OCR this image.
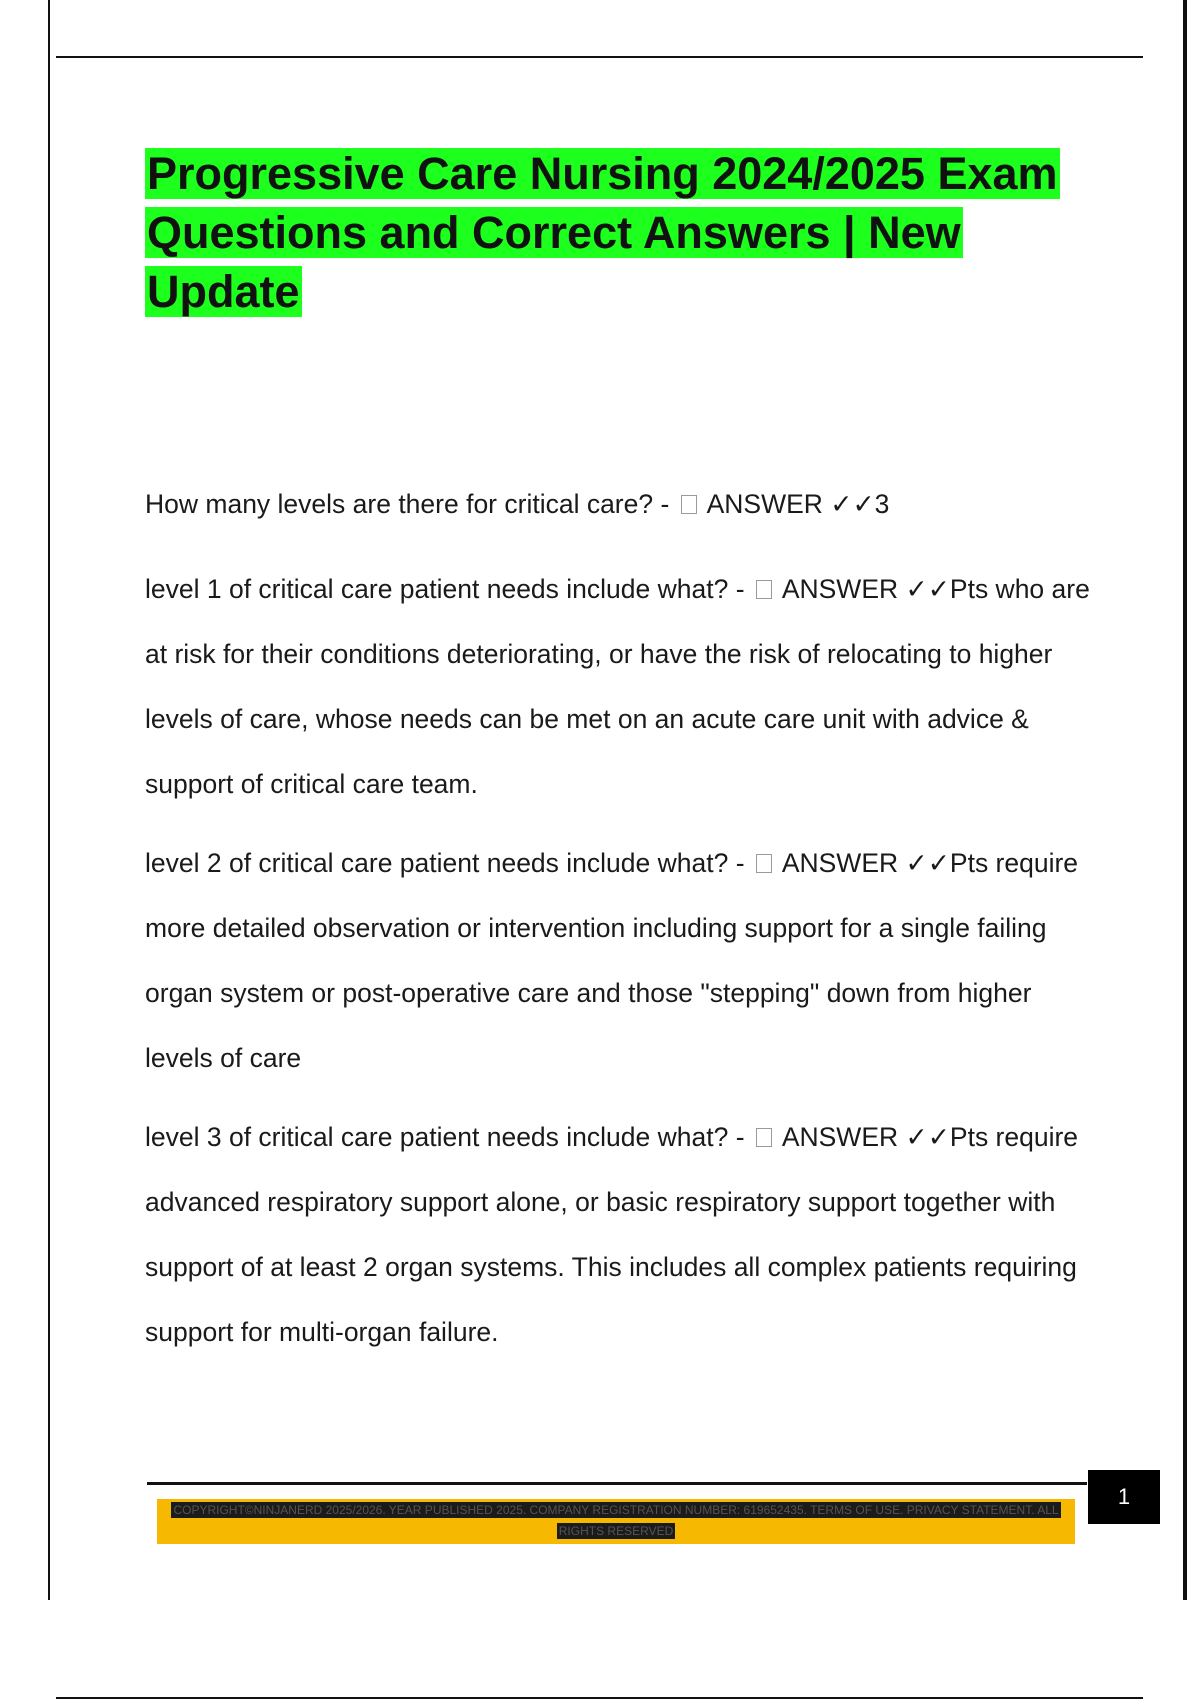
Progressive Care Nursing 2024/2025 Exam Questions and Correct Answers | New Update

How many levels are there for critical care? - ANSWER ✓✓3

level 1 of critical care patient needs include what? - ANSWER ✓✓Pts who are at risk for their conditions deteriorating, or have the risk of relocating to higher levels of care, whose needs can be met on an acute care unit with advice & support of critical care team.

level 2 of critical care patient needs include what? - ANSWER ✓✓Pts require more detailed observation or intervention including support for a single failing organ system or post-operative care and those "stepping" down from higher levels of care

level 3 of critical care patient needs include what? - ANSWER ✓✓Pts require advanced respiratory support alone, or basic respiratory support together with support of at least 2 organ systems. This includes all complex patients requiring support for multi-organ failure.

1
COPYRIGHT©NINJANERD 2025/2026. YEAR PUBLISHED 2025. COMPANY REGISTRATION NUMBER: 619652435. TERMS OF USE. PRIVACY STATEMENT. ALL RIGHTS RESERVED
